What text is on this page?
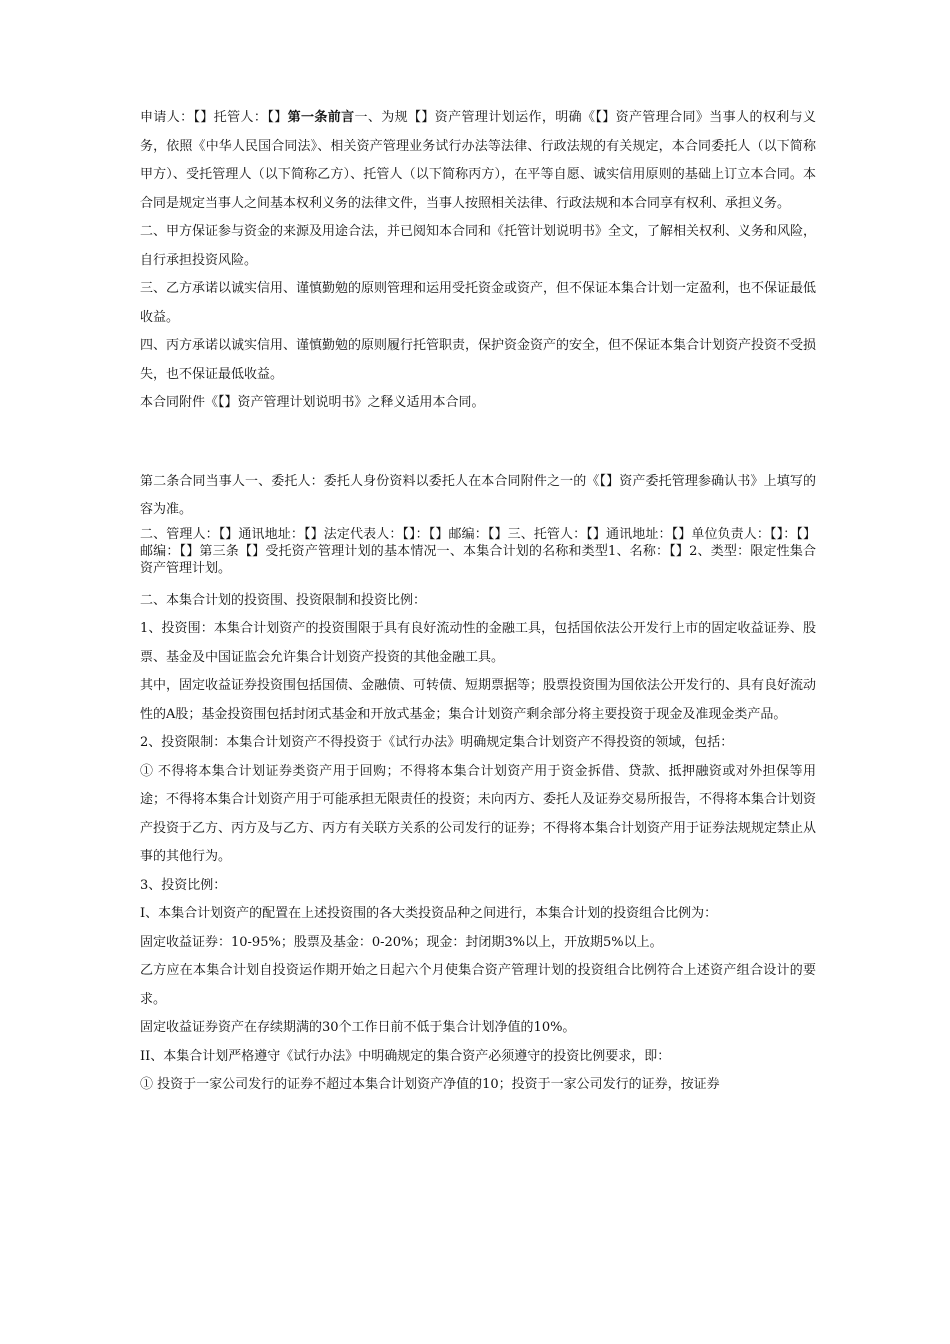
申请人：【】托管人：【】第一条前言一、为规【】资产管理计划运作，明确《【】资产管理合同》当事人的权利与义务，依照《中华人民国合同法》、相关资产管理业务试行办法等法律、行政法规的有关规定，本合同委托人（以下简称甲方）、受托管理人（以下简称乙方）、托管人（以下简称丙方），在平等自愿、诚实信用原则的基础上订立本合同。本合同是规定当事人之间基本权利义务的法律文件，当事人按照相关法律、行政法规和本合同享有权利、承担义务。

二、甲方保证参与资金的来源及用途合法，并已阅知本合同和《托管计划说明书》全文，了解相关权利、义务和风险，自行承担投资风险。

三、乙方承诺以诚实信用、谨慎勤勉的原则管理和运用受托资金或资产，但不保证本集合计划一定盈利，也不保证最低收益。

四、丙方承诺以诚实信用、谨慎勤勉的原则履行托管职责，保护资金资产的安全，但不保证本集合计划资产投资不受损失，也不保证最低收益。

本合同附件《【】资产管理计划说明书》之释义适用本合同。

第二条合同当事人一、委托人：委托人身份资料以委托人在本合同附件之一的《【】资产委托管理参确认书》上填写的容为准。

二、管理人：【】通讯地址：【】法定代表人：【】：【】邮编：【】三、托管人：【】通讯地址：【】单位负责人：【】：【】邮编：【】第三条【】受托资产管理计划的基本情况一、本集合计划的名称和类型1、名称：【】2、类型：限定性集合资产管理计划。

二、本集合计划的投资围、投资限制和投资比例：

1、投资围：本集合计划资产的投资围限于具有良好流动性的金融工具，包括国依法公开发行上市的固定收益证券、股票、基金及中国证监会允许集合计划资产投资的其他金融工具。

其中，固定收益证券投资围包括国债、金融债、可转债、短期票据等；股票投资围为国依法公开发行的、具有良好流动性的A股；基金投资围包括封闭式基金和开放式基金；集合计划资产剩余部分将主要投资于现金及准现金类产品。

2、投资限制：本集合计划资产不得投资于《试行办法》明确规定集合计划资产不得投资的领域，包括：

① 不得将本集合计划证券类资产用于回购；不得将本集合计划资产用于资金拆借、贷款、抵押融资或对外担保等用途；不得将本集合计划资产用于可能承担无限责任的投资；未向丙方、委托人及证券交易所报告，不得将本集合计划资产投资于乙方、丙方及与乙方、丙方有关联方关系的公司发行的证券；不得将本集合计划资产用于证券法规规定禁止从事的其他行为。

3、投资比例：

I、本集合计划资产的配置在上述投资围的各大类投资品种之间进行，本集合计划的投资组合比例为：

固定收益证券：10-95%；股票及基金：0-20%；现金：封闭期3%以上，开放期5%以上。

乙方应在本集合计划自投资运作期开始之日起六个月使集合资产管理计划的投资组合比例符合上述资产组合设计的要求。

固定收益证券资产在存续期满的30个工作日前不低于集合计划净值的10%。

II、本集合计划严格遵守《试行办法》中明确规定的集合资产必须遵守的投资比例要求，即：

① 投资于一家公司发行的证券不超过本集合计划资产净值的10；投资于一家公司发行的证券，按证券
